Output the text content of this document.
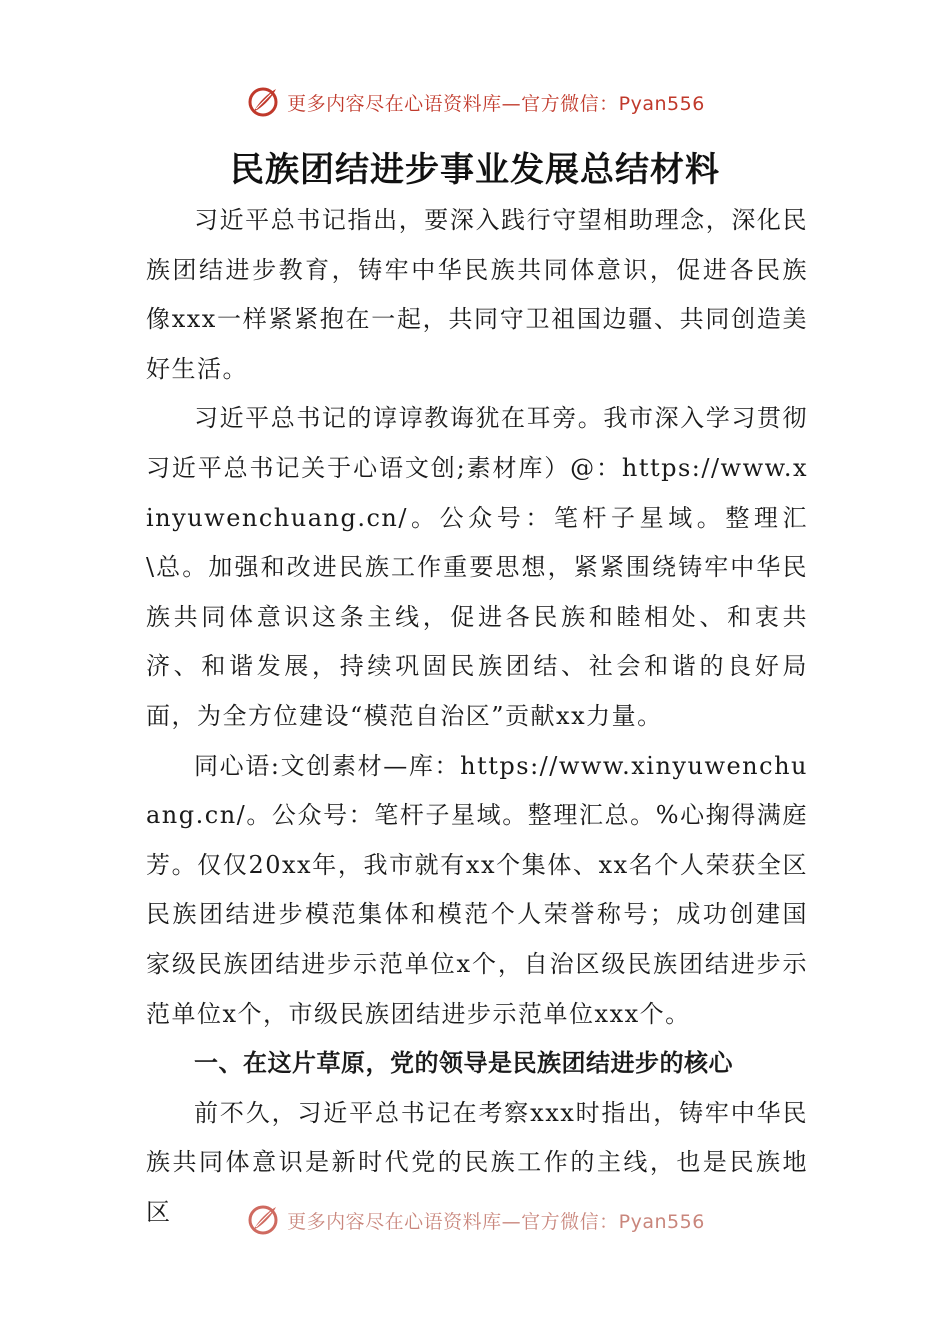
更多内容尽在心语资料库—官方微信：Pyan556
民族团结进步事业发展总结材料

习近平总书记指出，要深入践行守望相助理念，深化民族团结进步教育，铸牢中华民族共同体意识，促进各民族像xxx一样紧紧抱在一起，共同守卫祖国边疆、共同创造美好生活。

习近平总书记的谆谆教诲犹在耳旁。我市深入学习贯彻习近平总书记关于心语文创;素材库）@：https://www.xinyuwenchuang.cn/。公众号：笔杆子星域。整理汇\总。加强和改进民族工作重要思想，紧紧围绕铸牢中华民族共同体意识这条主线，促进各民族和睦相处、和衷共济、和谐发展，持续巩固民族团结、社会和谐的良好局面，为全方位建设“模范自治区”贡献xx力量。

同心语:文创素材—库：https://www.xinyuwenchuang.cn/。公众号：笔杆子星域。整理汇总。%心掬得满庭芳。仅仅20xx年，我市就有xx个集体、xx名个人荣获全区民族团结进步模范集体和模范个人荣誉称号；成功创建国家级民族团结进步示范单位x个，自治区级民族团结进步示范单位x个，市级民族团结进步示范单位xxx个。

一、在这片草原，党的领导是民族团结进步的核心

前不久，习近平总书记在考察xxx时指出，铸牢中华民族共同体意识是新时代党的民族工作的主线，也是民族地区	更多内容尽在心语资料库—官方微信：Pyan556
